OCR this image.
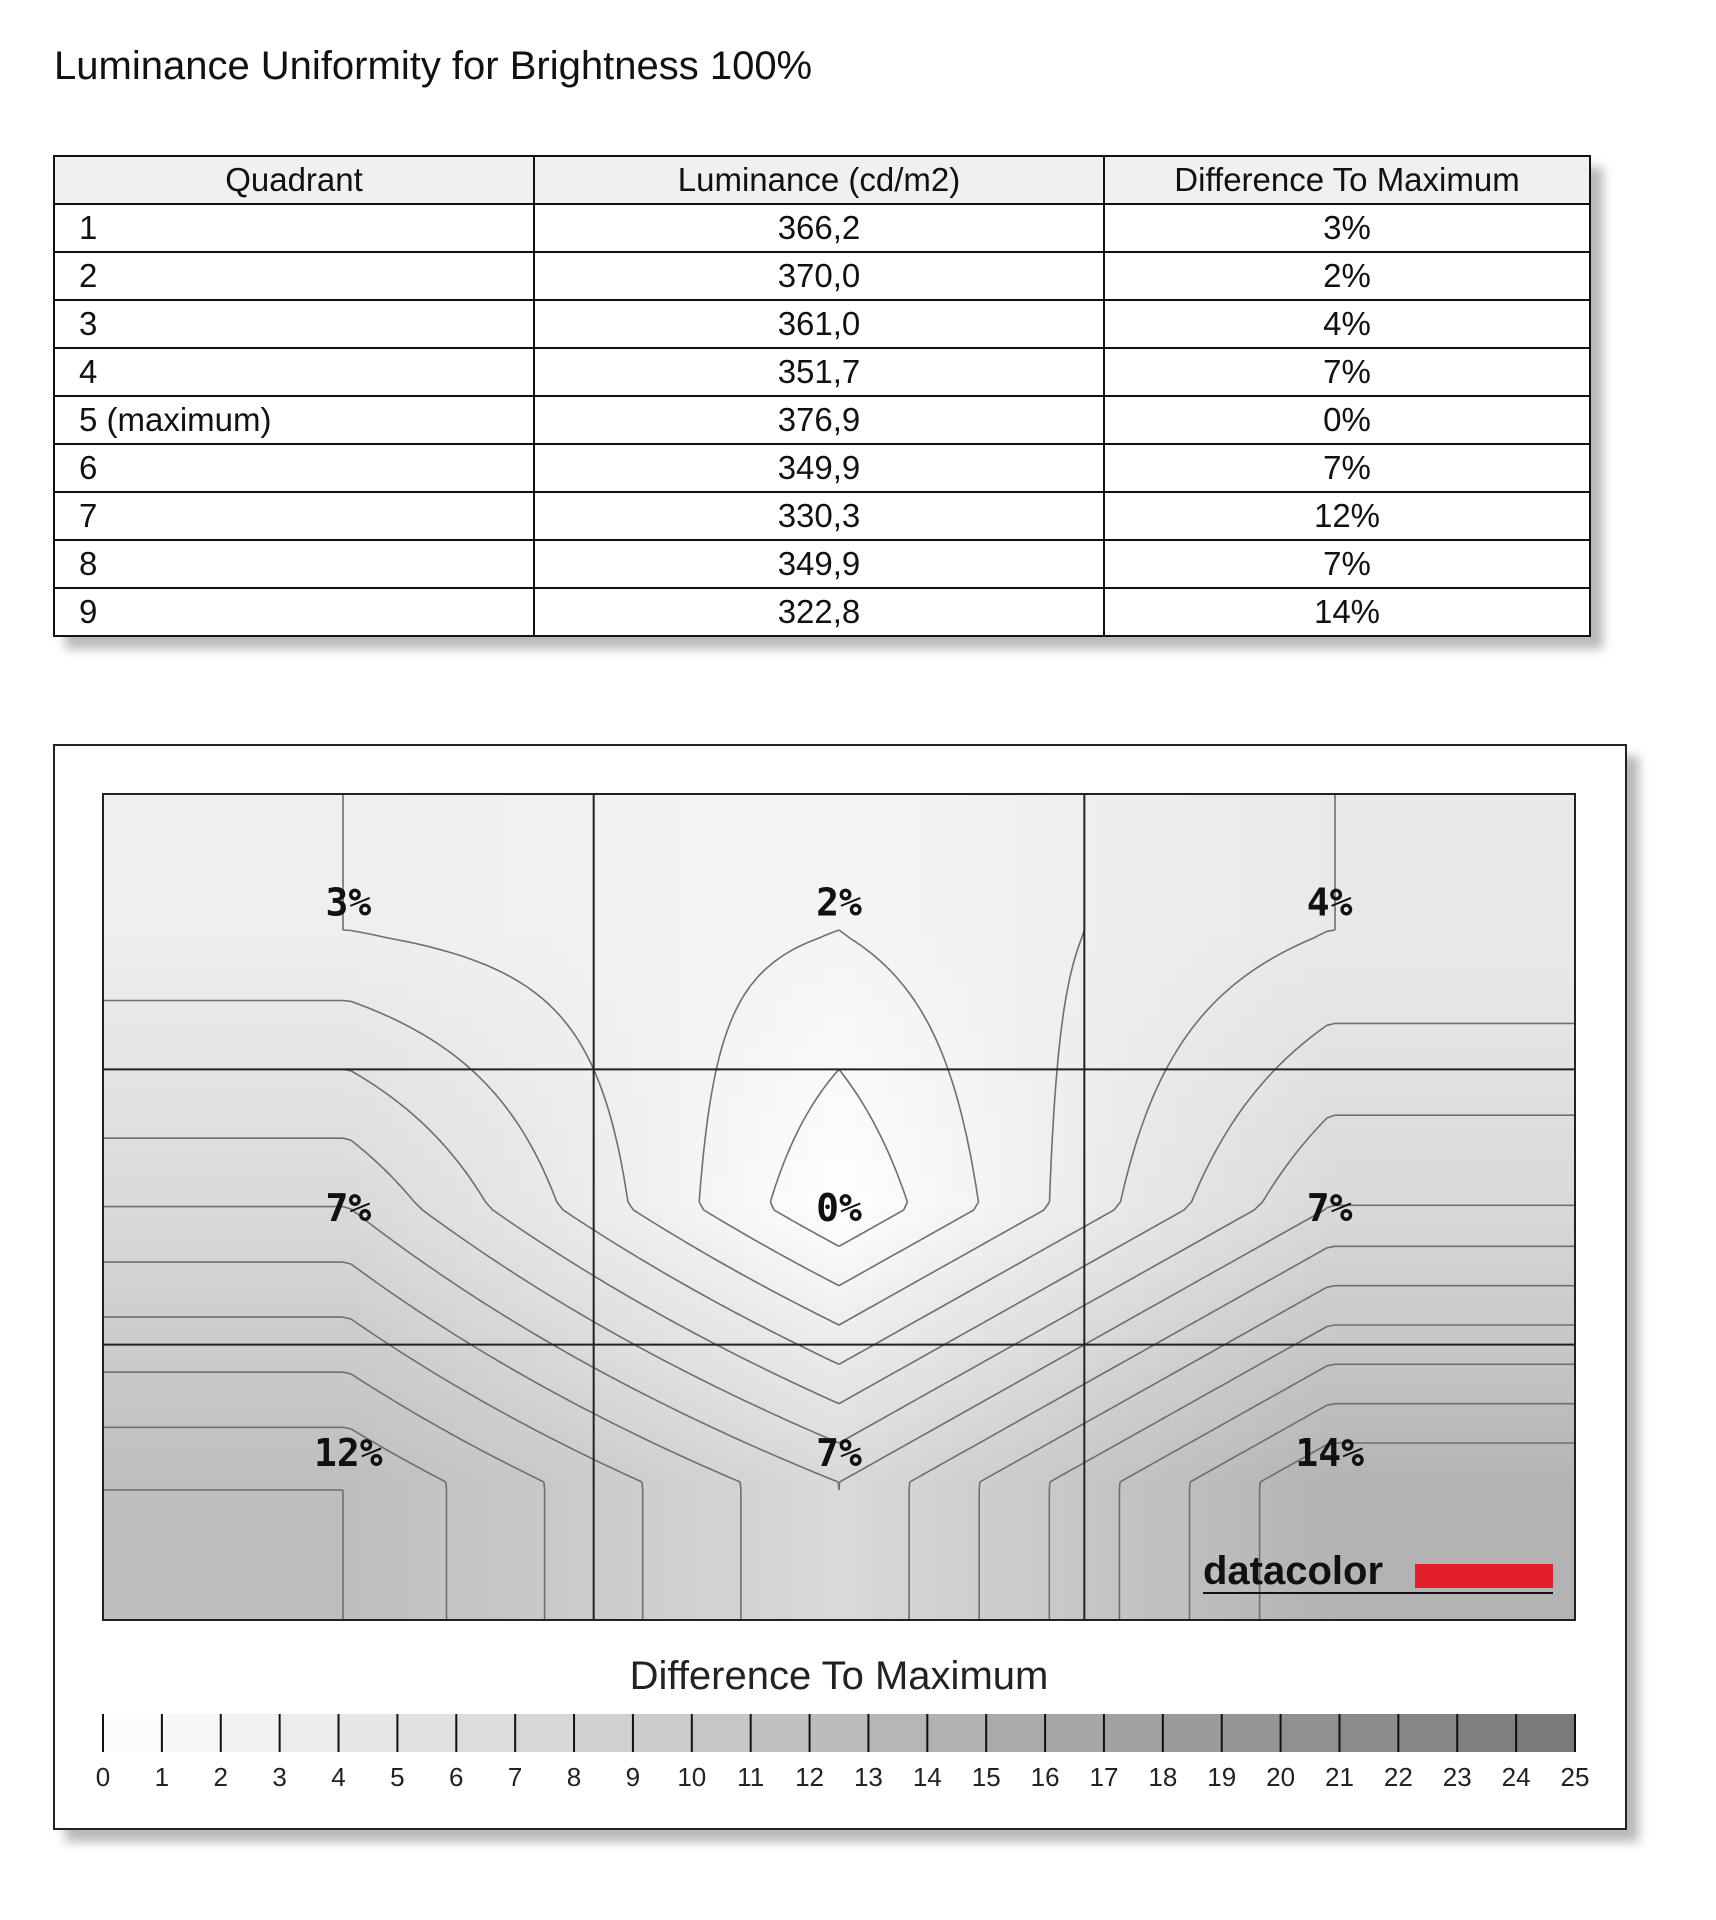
Luminance Uniformity for Brightness 100%
Quadrant	Luminance (cd/m2)	Difference To Maximum
1	366,2	3%
2	370,0	2%
3	361,0	4%
4	351,7	7%
5 (maximum)	376,9	0%
6	349,9	7%
7	330,3	12%
8	349,9	7%
9	322,8	14%
3%	2%	4%
7%	0%	7%
12%	7%	14%
datacolor
Difference To Maximum
0 1 2 3 4 5 6 7 8 9 10 11 12 13 14 15 16 17 18 19 20 21 22 23 24 25
